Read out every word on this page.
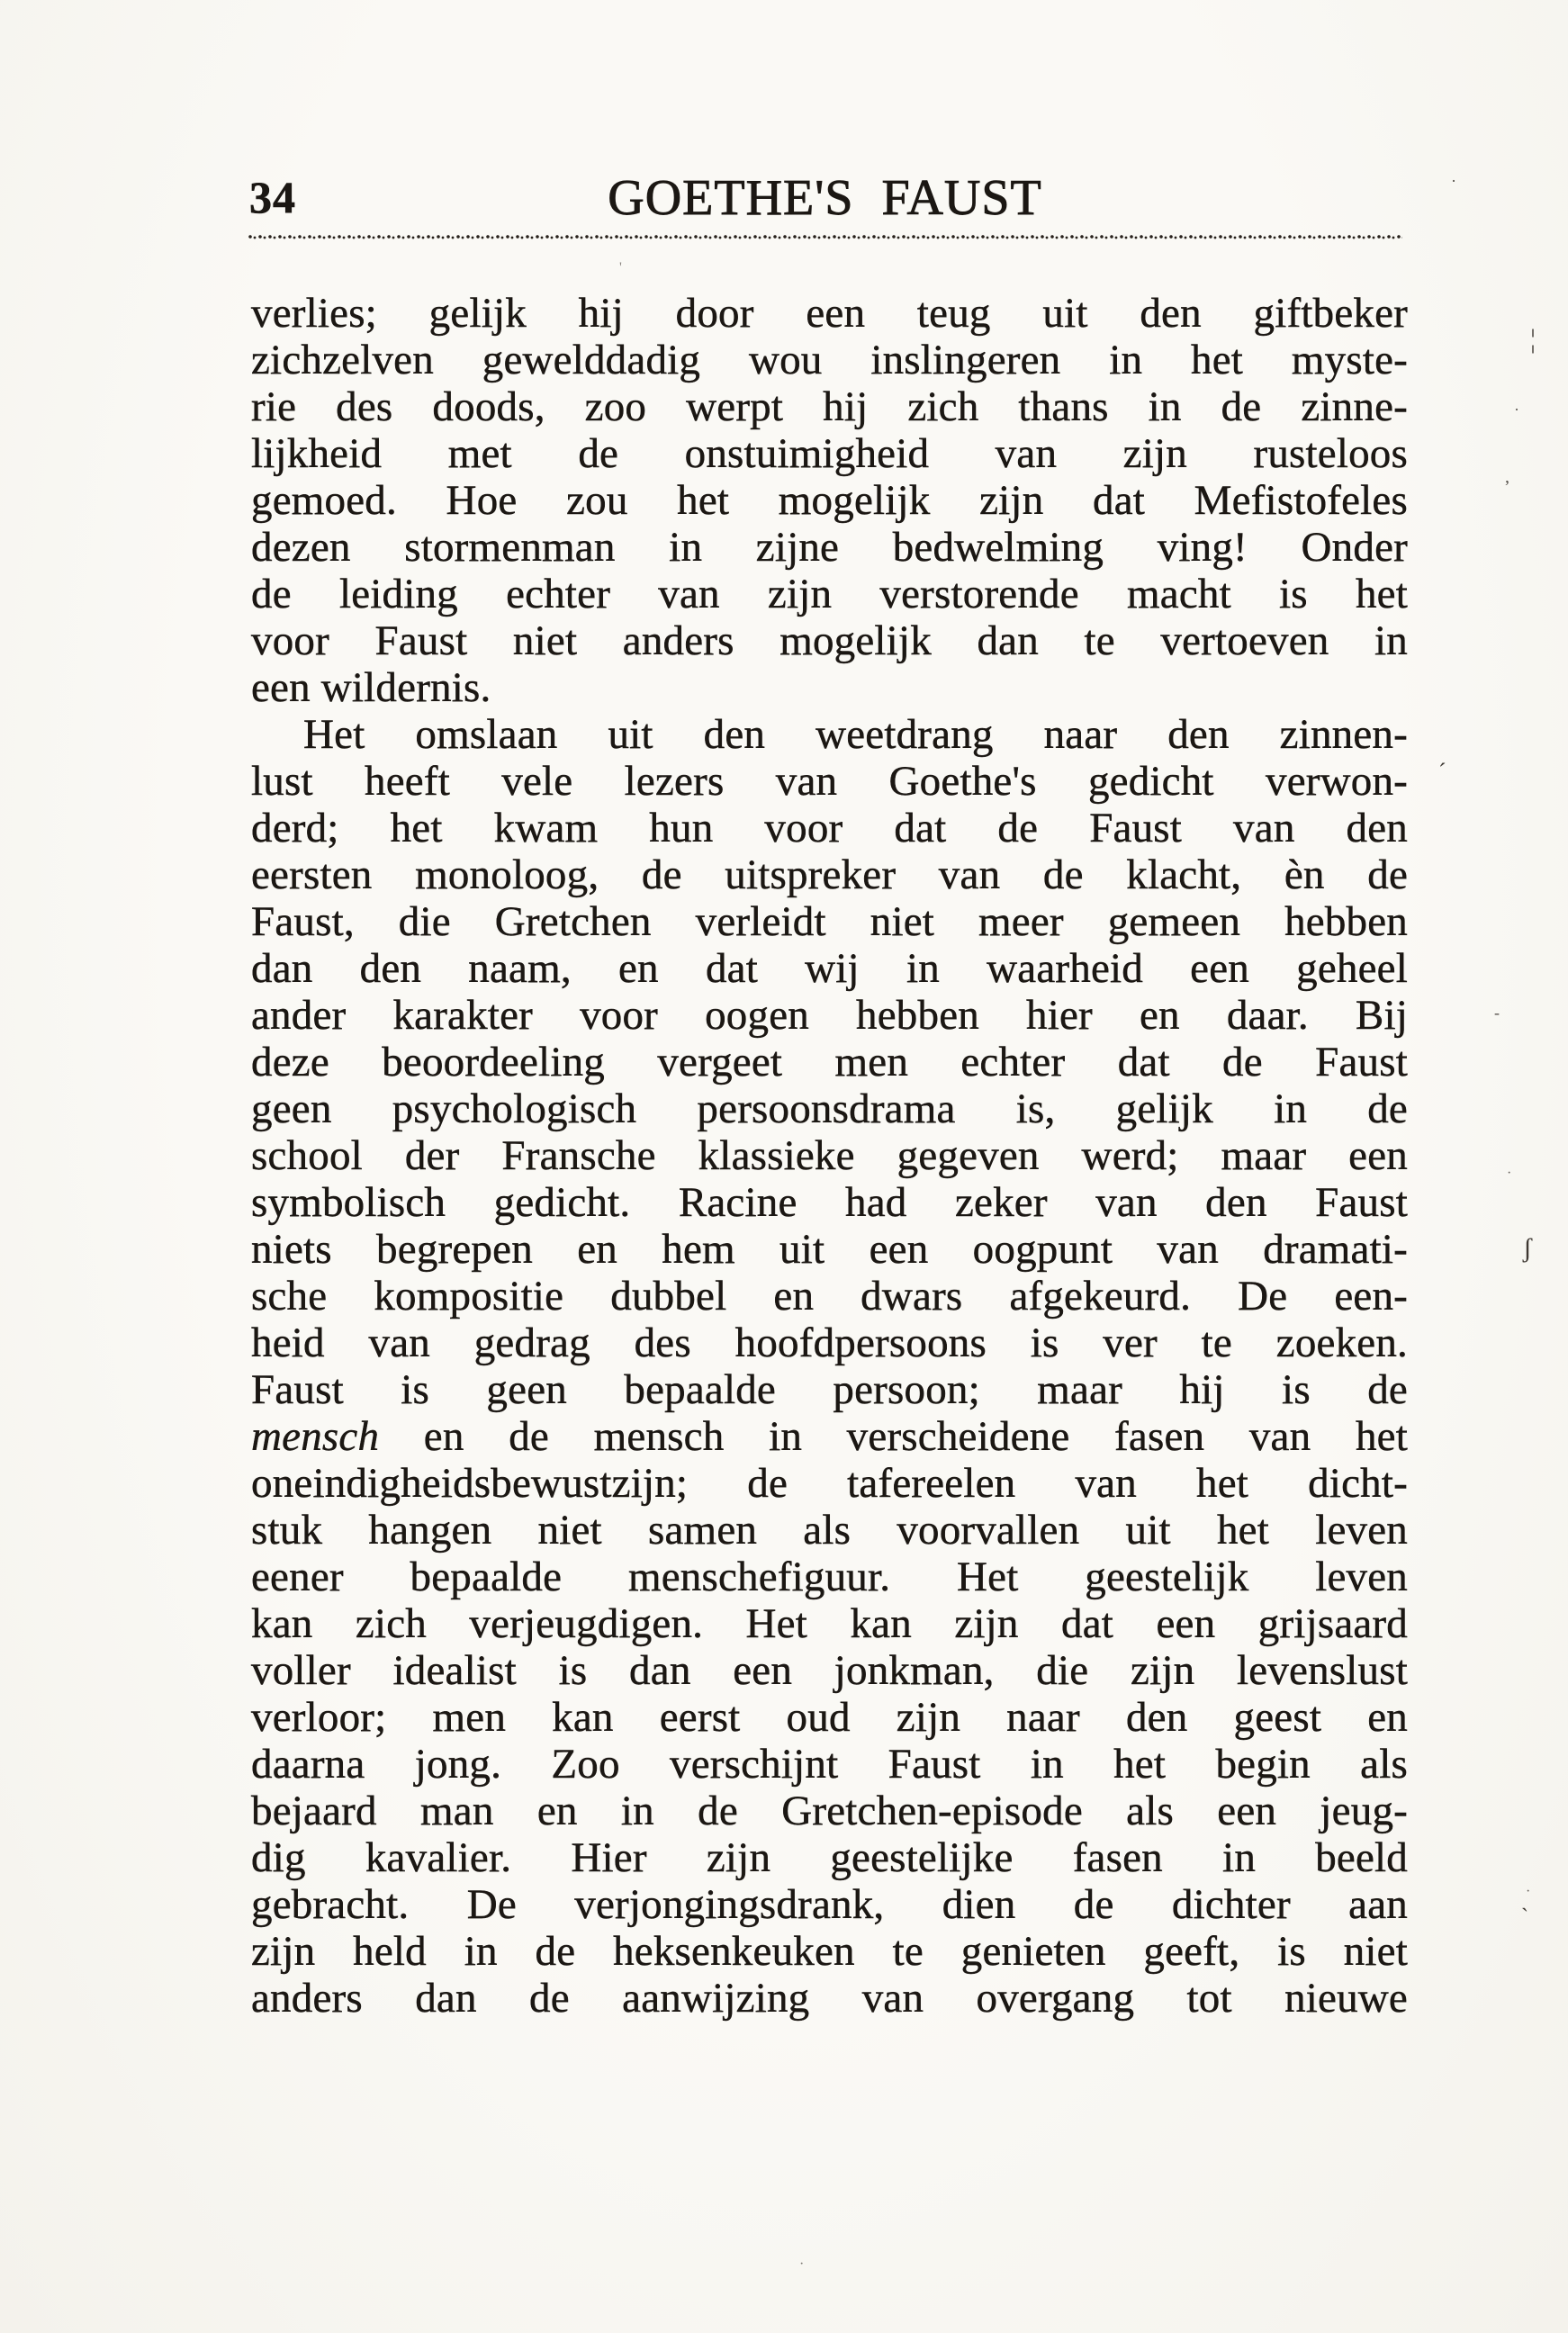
34	GOETHE'S FAUST
verlies; gelijk hij door een teug uit den giftbeker
zichzelven gewelddadig wou inslingeren in het myste-
rie des doods, zoo werpt hij zich thans in de zinne-
lijkheid met de onstuimigheid van zijn rusteloos
gemoed. Hoe zou het mogelijk zijn dat Mefistofeles
dezen stormenman in zijne bedwelming ving! Onder
de leiding echter van zijn verstorende macht is het
voor Faust niet anders mogelijk dan te vertoeven in
een wildernis.
Het omslaan uit den weetdrang naar den zinnen-
lust heeft vele lezers van Goethe's gedicht verwon-
derd; het kwam hun voor dat de Faust van den
eersten monoloog, de uitspreker van de klacht, èn de
Faust, die Gretchen verleidt niet meer gemeen hebben
dan den naam, en dat wij in waarheid een geheel
ander karakter voor oogen hebben hier en daar. Bij
deze beoordeeling vergeet men echter dat de Faust
geen psychologisch persoonsdrama is, gelijk in de
school der Fransche klassieke gegeven werd; maar een
symbolisch gedicht. Racine had zeker van den Faust
niets begrepen en hem uit een oogpunt van dramati-
sche kompositie dubbel en dwars afgekeurd. De een-
heid van gedrag des hoofdpersoons is ver te zoeken.
Faust is geen bepaalde persoon; maar hij is de
mensch en de mensch in verscheidene fasen van het
oneindigheidsbewustzijn; de tafereelen van het dicht-
stuk hangen niet samen als voorvallen uit het leven
eener bepaalde menschefiguur. Het geestelijk leven
kan zich verjeugdigen. Het kan zijn dat een grijsaard
voller idealist is dan een jonkman, die zijn levenslust
verloor; men kan eerst oud zijn naar den geest en
daarna jong. Zoo verschijnt Faust in het begin als
bejaard man en in de Gretchen-episode als een jeug-
dig kavalier. Hier zijn geestelijke fasen in beeld
gebracht. De verjongingsdrank, dien de dichter aan
zijn held in de heksenkeuken te genieten geeft, is niet
anders dan de aanwijzing van overgang tot nieuwe
'
·
¦
·
,
´
-
·
ʃ
·
`
·
